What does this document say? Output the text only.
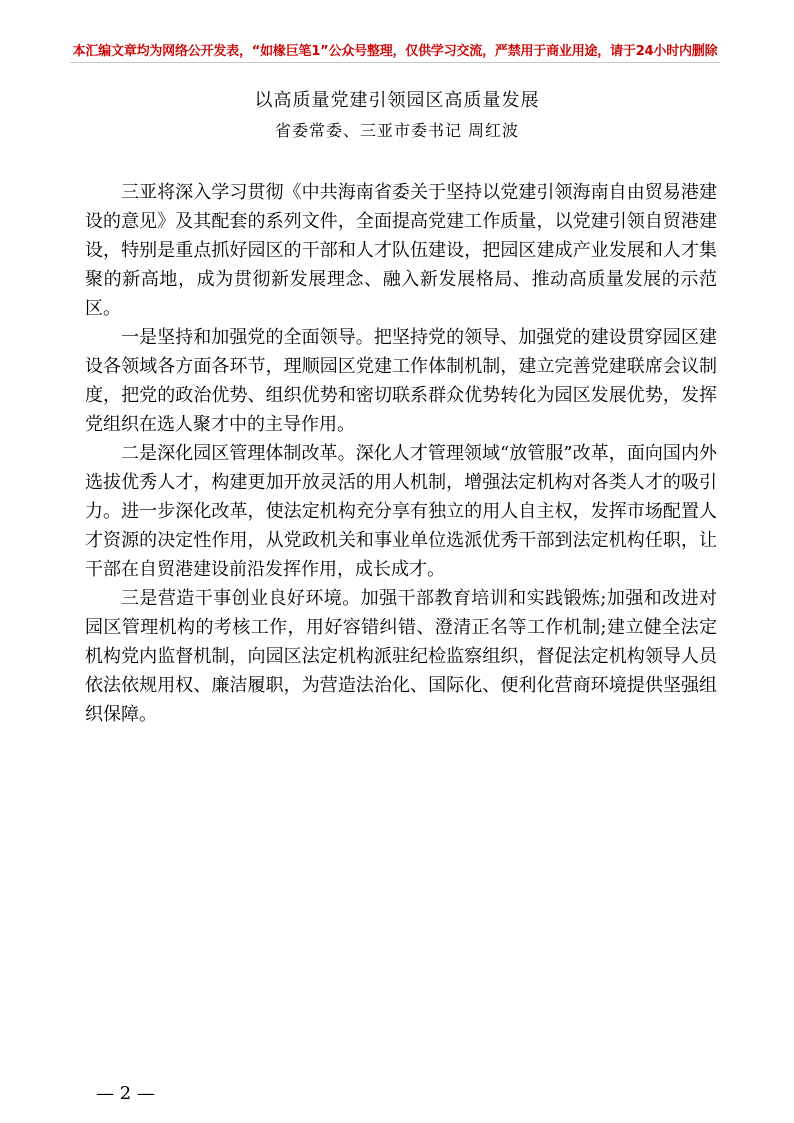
本汇编文章均为网络公开发表，“如椽巨笔1”公众号整理，仅供学习交流，严禁用于商业用途，请于24小时内删除
以高质量党建引领园区高质量发展
省委常委、三亚市委书记 周红波

三亚将深入学习贯彻《中共海南省委关于坚持以党建引领海南自由贸易港建设的意见》及其配套的系列文件，全面提高党建工作质量，以党建引领自贸港建设，特别是重点抓好园区的干部和人才队伍建设，把园区建成产业发展和人才集聚的新高地，成为贯彻新发展理念、融入新发展格局、推动高质量发展的示范区。

一是坚持和加强党的全面领导。把坚持党的领导、加强党的建设贯穿园区建设各领域各方面各环节，理顺园区党建工作体制机制，建立完善党建联席会议制度，把党的政治优势、组织优势和密切联系群众优势转化为园区发展优势，发挥党组织在选人聚才中的主导作用。

二是深化园区管理体制改革。深化人才管理领域“放管服”改革，面向国内外选拔优秀人才，构建更加开放灵活的用人机制，增强法定机构对各类人才的吸引力。进一步深化改革，使法定机构充分享有独立的用人自主权，发挥市场配置人才资源的决定性作用，从党政机关和事业单位选派优秀干部到法定机构任职，让干部在自贸港建设前沿发挥作用，成长成才。

三是营造干事创业良好环境。加强干部教育培训和实践锻炼;加强和改进对园区管理机构的考核工作，用好容错纠错、澄清正名等工作机制;建立健全法定机构党内监督机制，向园区法定机构派驻纪检监察组织，督促法定机构领导人员依法依规用权、廉洁履职，为营造法治化、国际化、便利化营商环境提供坚强组织保障。

— 2 —
